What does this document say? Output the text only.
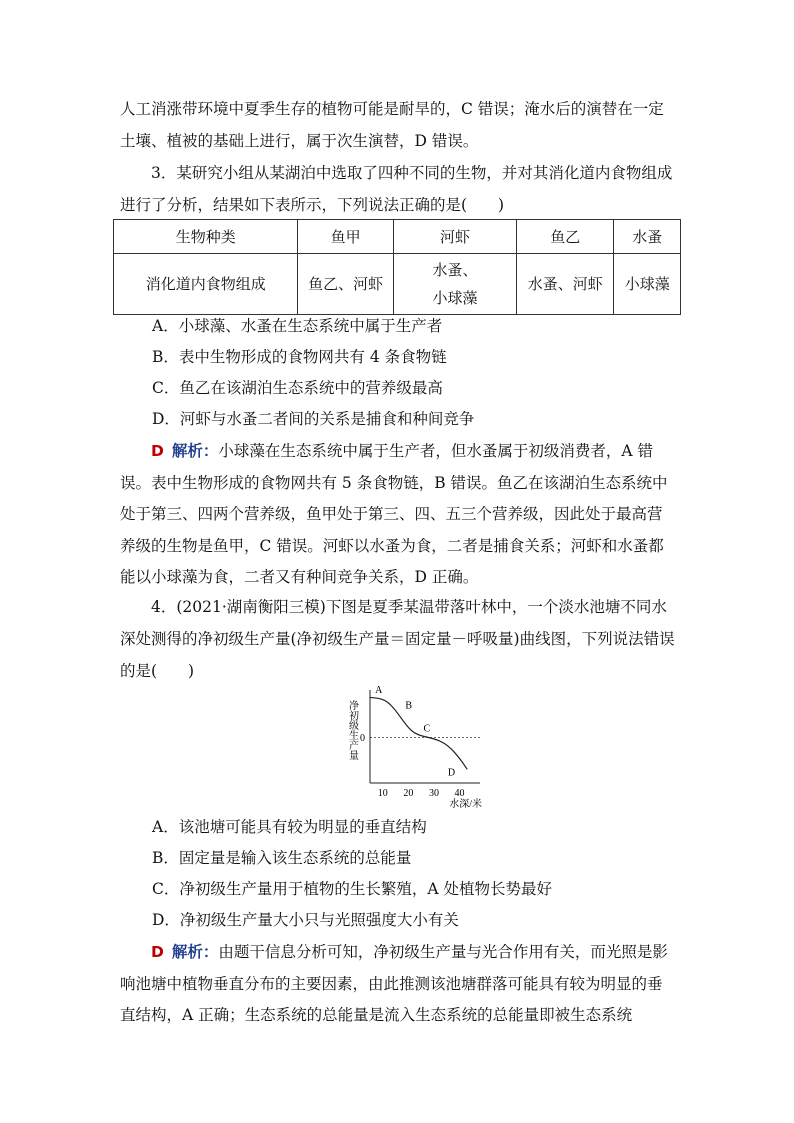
人工消涨带环境中夏季生存的植物可能是耐旱的，C 错误；淹水后的演替在一定

土壤、植被的基础上进行，属于次生演替，D 错误。

3．某研究小组从某湖泊中选取了四种不同的生物，并对其消化道内食物组成进行了分析，结果如下表所示，下列说法正确的是(　　)

生物种类	鱼甲	河虾	鱼乙	水蚤
消化道内食物组成	鱼乙、河虾	水蚤、
小球藻	水蚤、河虾	小球藻

A．小球藻、水蚤在生态系统中属于生产者

B．表中生物形成的食物网共有 4 条食物链

C．鱼乙在该湖泊生态系统中的营养级最高

D．河虾与水蚤二者间的关系是捕食和种间竞争

D 解析：小球藻在生态系统中属于生产者，但水蚤属于初级消费者，A 错误。表中生物形成的食物网共有 5 条食物链，B 错误。鱼乙在该湖泊生态系统中处于第三、四两个营养级，鱼甲处于第三、四、五三个营养级，因此处于最高营养级的生物是鱼甲，C 错误。河虾以水蚤为食，二者是捕食关系；河虾和水蚤都能以小球藻为食，二者又有种间竞争关系，D 正确。

4．(2021·湖南衡阳三模)下图是夏季某温带落叶林中，一个淡水池塘不同水深处测得的净初级生产量(净初级生产量＝固定量－呼吸量)曲线图，下列说法错误的是(　　)

0
净初级生产量
10 20 30 40
水深/米
A
B
C
D

A．该池塘可能具有较为明显的垂直结构

B．固定量是输入该生态系统的总能量

C．净初级生产量用于植物的生长繁殖，A 处植物长势最好

D．净初级生产量大小只与光照强度大小有关

D 解析：由题干信息分析可知，净初级生产量与光合作用有关，而光照是影响池塘中植物垂直分布的主要因素，由此推测该池塘群落可能具有较为明显的垂直结构，A 正确；生态系统的总能量是流入生态系统的总能量即被生态系统
